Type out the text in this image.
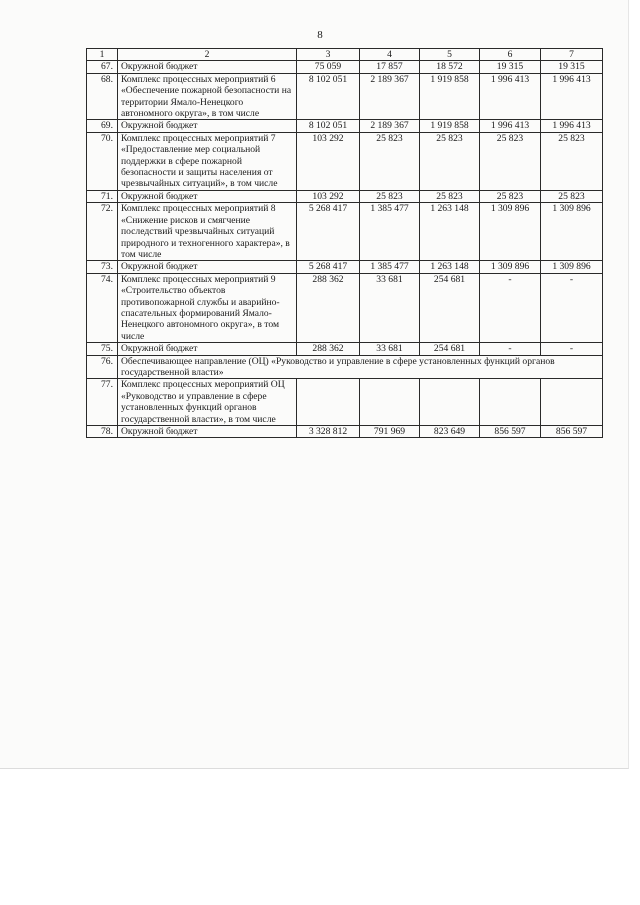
8
1	2	3	4	5	6	7
67.	Окружной бюджет	75 059	17 857	18 572	19 315	19 315
68.	Комплекс процессных мероприятий 6 «Обеспечение пожарной безопасности на территории Ямало-Ненецкого автономного округа», в том числе	8 102 051	2 189 367	1 919 858	1 996 413	1 996 413
69.	Окружной бюджет	8 102 051	2 189 367	1 919 858	1 996 413	1 996 413
70.	Комплекс процессных мероприятий 7 «Предоставление мер социальной поддержки в сфере пожарной безопасности и защиты населения от чрезвычайных ситуаций», в том числе	103 292	25 823	25 823	25 823	25 823
71.	Окружной бюджет	103 292	25 823	25 823	25 823	25 823
72.	Комплекс процессных мероприятий 8 «Снижение рисков и смягчение последствий чрезвычайных ситуаций природного и техногенного характера», в том числе	5 268 417	1 385 477	1 263 148	1 309 896	1 309 896
73.	Окружной бюджет	5 268 417	1 385 477	1 263 148	1 309 896	1 309 896
74.	Комплекс процессных мероприятий 9 «Строительство объектов противопожарной службы и аварийно-спасательных формирований Ямало-Ненецкого автономного округа», в том числе	288 362	33 681	254 681	-	-
75.	Окружной бюджет	288 362	33 681	254 681	-	-
76.	Обеспечивающее направление (ОЦ) «Руководство и управление в сфере установленных функций органов государственной власти»					
77.	Комплекс процессных мероприятий ОЦ «Руководство и управление в сфере установленных функций органов государственной власти», в том числе					
78.	Окружной бюджет	3 328 812	791 969	823 649	856 597	856 597
